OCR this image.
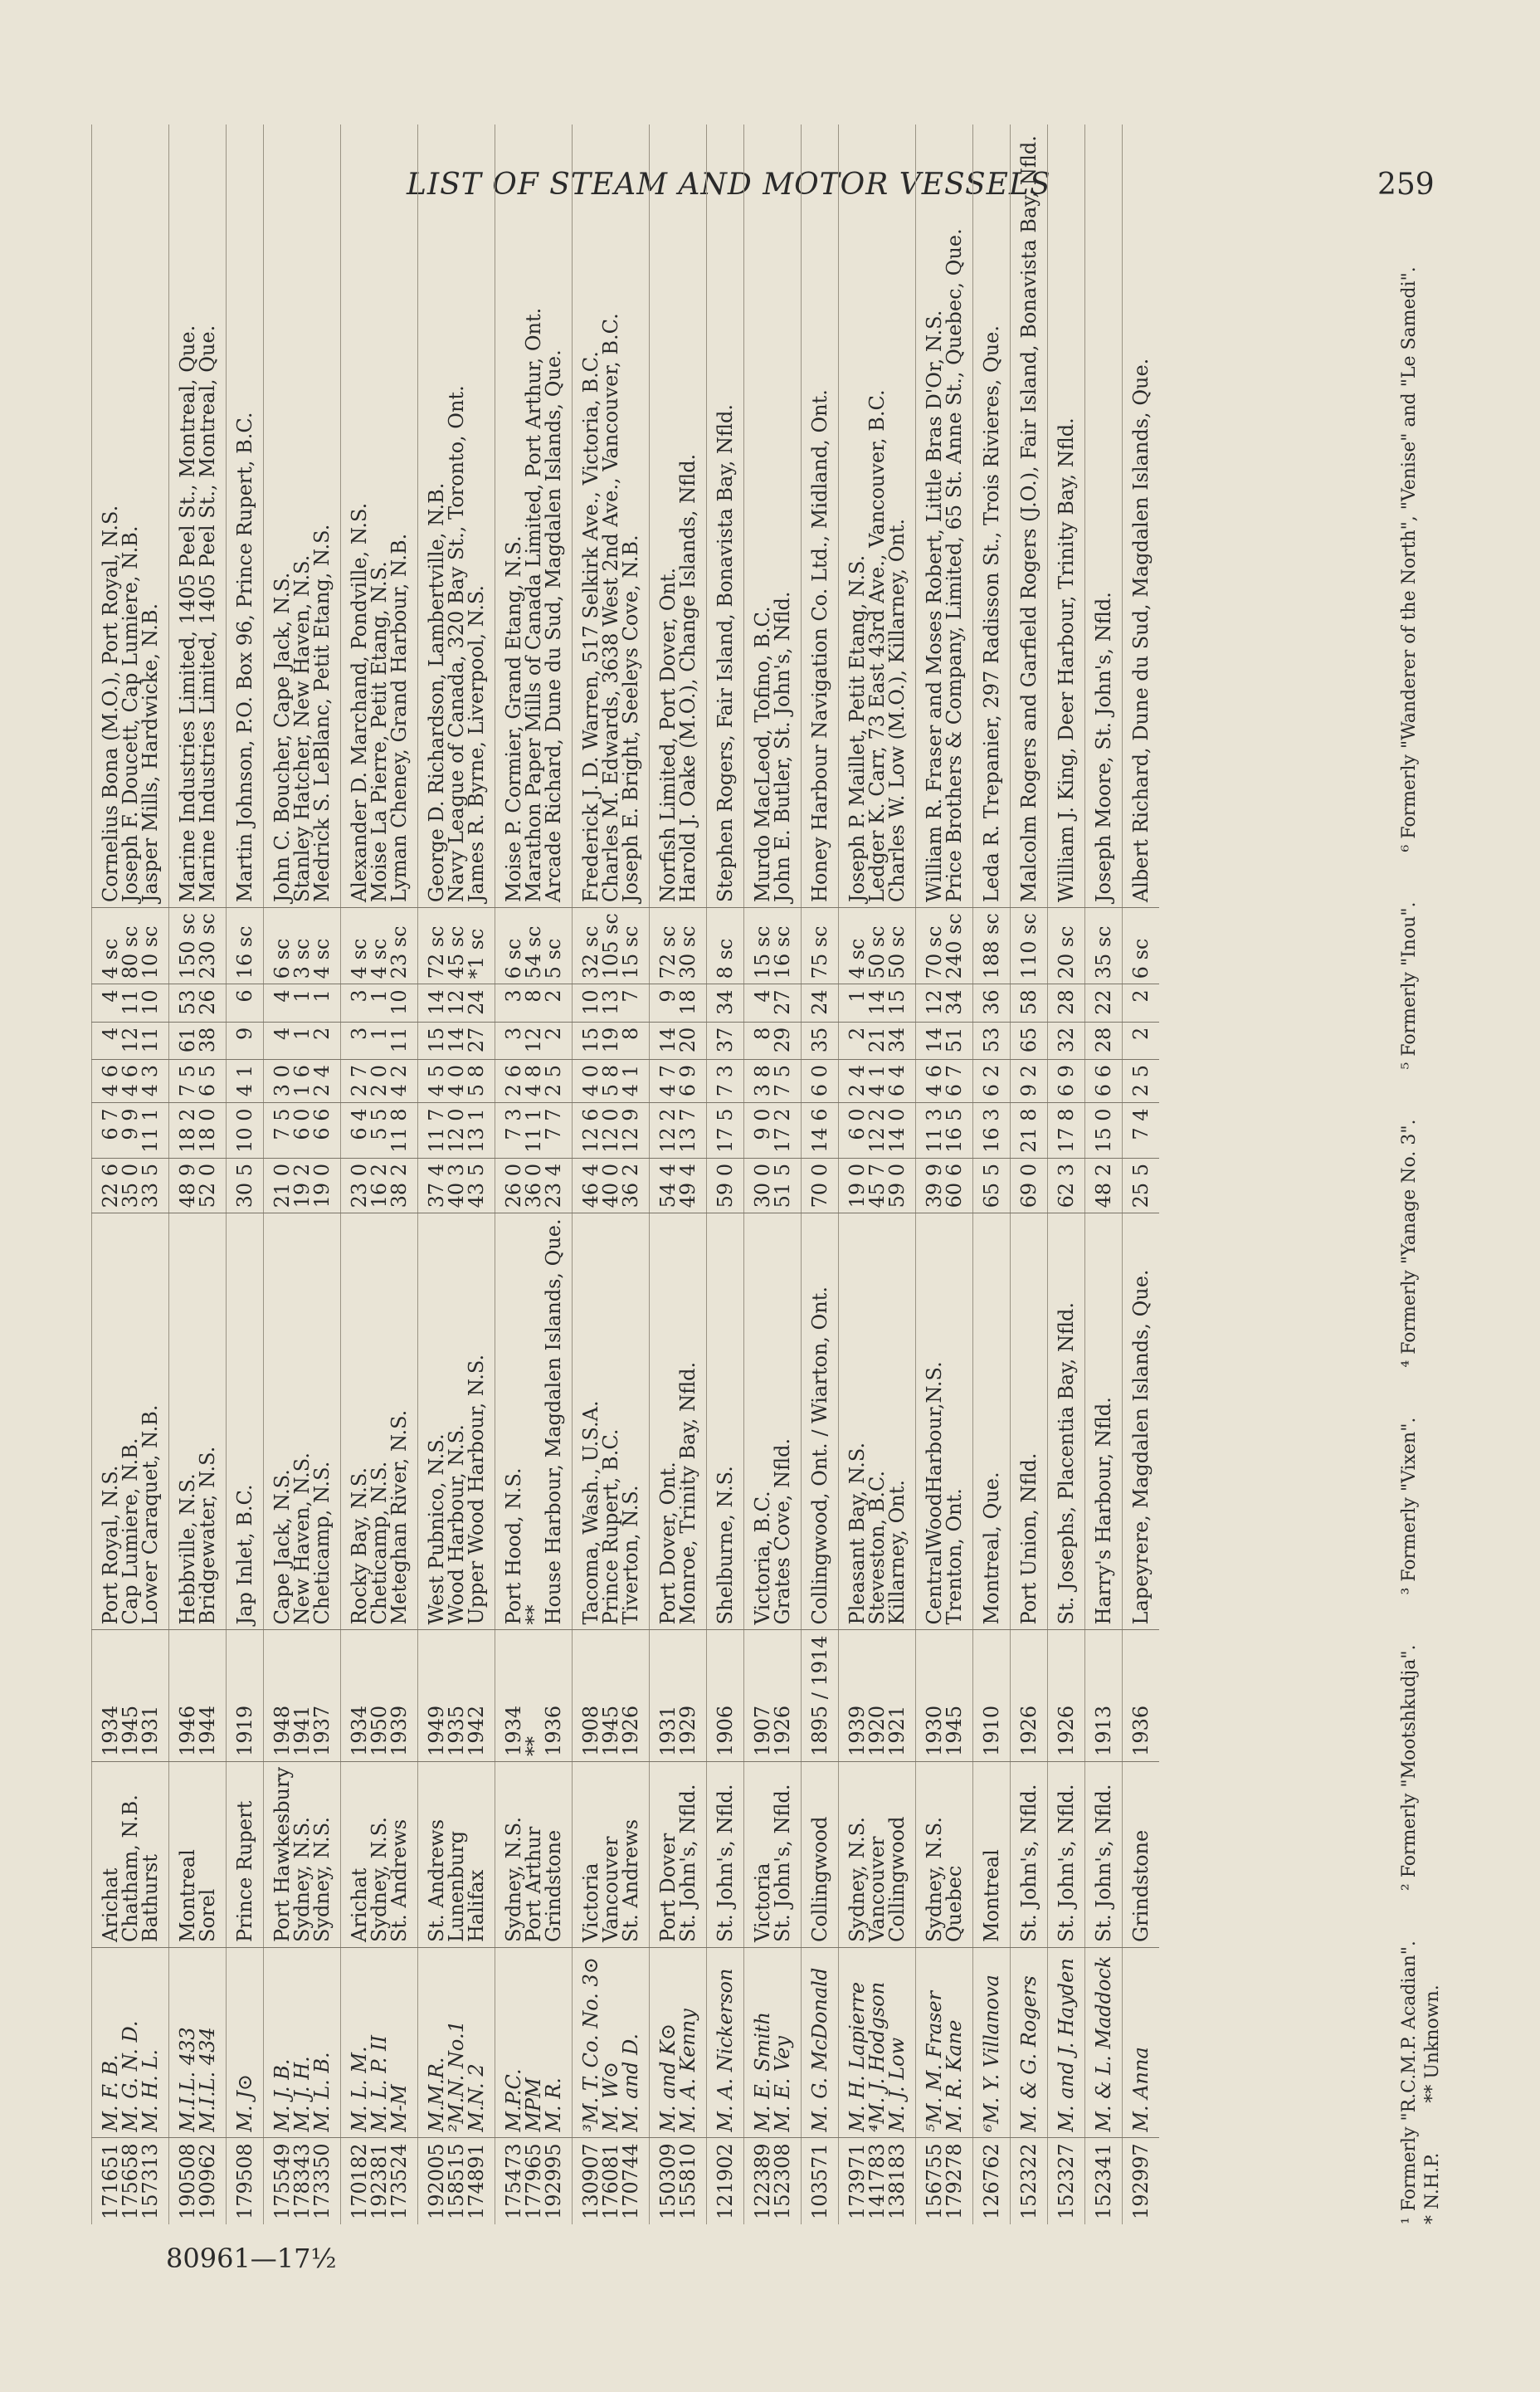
LIST OF STEAM AND MOTOR VESSELS	259
171651	M. F. B.	Arichat	1934	Port Royal, N.S.	22 6	6 7	4 6	4	4	4 sc	Cornelius Bona (M.O.), Port Royal, N.S.
175658	M. G. N. D.	Chatham, N.B.	1945	Cap Lumiere, N.B.	35 0	9 9	4 6	12	11	80 sc	Joseph F. Doucett, Cap Lumiere, N.B.
157313	M. H. L.	Bathurst	1931	Lower Caraquet, N.B.	33 5	11 1	4 3	11	10	10 sc	Jasper Mills, Hardwicke, N.B.
190508	M.I.L. 433	Montreal	1946	Hebbville, N.S.	48 9	18 2	7 5	61	53	150 sc	Marine Industries Limited, 1405 Peel St., Montreal, Que.
190962	M.I.L. 434	Sorel	1944	Bridgewater, N.S.	52 0	18 0	6 5	38	26	230 sc	Marine Industries Limited, 1405 Peel St., Montreal, Que.
179508	M. J⊙	Prince Rupert	1919	Jap Inlet, B.C.	30 5	10 0	4 1	9	6	16 sc	Martin Johnson, P.O. Box 96, Prince Rupert, B.C.
175549	M. J. B.	Port Hawkesbury	1948	Cape Jack, N.S.	21 0	7 5	3 0	4	4	6 sc	John C. Boucher, Cape Jack, N.S.
178343	M. J. H.	Sydney, N.S.	1941	New Haven, N.S.	19 2	6 0	1 6	1	1	3 sc	Stanley Hatcher, New Haven, N.S.
173350	M. L. B.	Sydney, N.S.	1937	Cheticamp, N.S.	19 0	6 6	2 4	2	1	4 sc	Medrick S. LeBlanc, Petit Etang, N.S.
170182	M. L. M.	Arichat	1934	Rocky Bay, N.S.	23 0	6 4	2 7	3	3	4 sc	Alexander D. Marchand, Pondville, N.S.
192381	M. L. P. II	Sydney, N.S.	1950	Cheticamp, N.S.	16 2	5 5	2 0	1	1	4 sc	Moise La Pierre, Petit Etang, N.S.
173524	M-M	St. Andrews	1939	Meteghan River, N.S.	38 2	11 8	4 2	11	10	23 sc	Lyman Cheney, Grand Harbour, N.B.
192005	M.M.R.	St. Andrews	1949	West Pubnico, N.S.	37 4	11 7	4 5	15	14	72 sc	George D. Richardson, Lambertville, N.B.
158515	²M.N. No.1	Lunenburg	1935	Wood Harbour, N.S.	40 3	12 0	4 0	14	12	45 sc	Navy League of Canada, 320 Bay St., Toronto, Ont.
174891	M.N. 2	Halifax	1942	Upper Wood Harbour, N.S.	43 5	13 1	5 8	27	24	*1 sc	James R. Byrne, Liverpool, N.S.
175473	M.P.C.	Sydney, N.S.	1934	Port Hood, N.S.	26 0	7 3	2 6	3	3	6 sc	Moise P. Cormier, Grand Etang, N.S.
177965	MPM	Port Arthur	**	**	36 0	11 1	4 8	12	8	54 sc	Marathon Paper Mills of Canada Limited, Port Arthur, Ont.
192995	M. R.	Grindstone	1936	House Harbour, Magdalen Islands, Que.	23 4	7 7	2 5	2	2	5 sc	Arcade Richard, Dune du Sud, Magdalen Islands, Que.
130907	³M. T. Co. No. 3⊙	Victoria	1908	Tacoma, Wash., U.S.A.	46 4	12 6	4 0	15	10	32 sc	Frederick J. D. Warren, 517 Selkirk Ave., Victoria, B.C.
176081	M. W⊙	Vancouver	1945	Prince Rupert, B.C.	40 0	12 0	5 8	19	13	105 sc	Charles M. Edwards, 3638 West 2nd Ave., Vancouver, B.C.
170744	M. and D.	St. Andrews	1926	Tiverton, N.S.	36 2	12 9	4 1	8	7	15 sc	Joseph E. Bright, Seeleys Cove, N.B.
150309	M. and K⊙	Port Dover	1931	Port Dover, Ont.	54 4	12 2	4 7	14	9	72 sc	Norfish Limited, Port Dover, Ont.
155810	M. A. Kenny	St. John's, Nfld.	1929	Monroe, Trinity Bay, Nfld.	49 4	13 7	6 9	20	18	30 sc	Harold J. Oake (M.O.), Change Islands, Nfld.
121902	M. A. Nickerson	St. John's, Nfld.	1906	Shelburne, N.S.	59 0	17 5	7 3	37	34	8 sc	Stephen Rogers, Fair Island, Bonavista Bay, Nfld.
122389	M. E. Smith	Victoria	1907	Victoria, B.C.	30 0	9 0	3 8	8	4	15 sc	Murdo MacLeod, Tofino, B.C.
152308	M. E. Vey	St. John's, Nfld.	1926	Grates Cove, Nfld.	51 5	17 2	7 5	29	27	16 sc	John E. Butler, St. John's, Nfld.
103571	M. G. McDonald	Collingwood	1895 / 1914	Collingwood, Ont. / Wiarton, Ont.	70 0	14 6	6 0	35	24	75 sc	Honey Harbour Navigation Co. Ltd., Midland, Ont.
173971	M. H. Lapierre	Sydney, N.S.	1939	Pleasant Bay, N.S.	19 0	6 0	2 4	2	1	4 sc	Joseph P. Maillet, Petit Etang, N.S.
141783	⁴M. J. Hodgson	Vancouver	1920	Steveston, B.C.	45 7	12 2	4 1	21	14	50 sc	Ledger K. Carr, 73 East 43rd Ave., Vancouver, B.C.
138183	M. J. Low	Collingwood	1921	Killarney, Ont.	59 0	14 0	6 4	34	15	50 sc	Charles W. Low (M.O.), Killarney, Ont.
156755	⁵M. M. Fraser	Sydney, N.S.	1930	CentralWoodHarbour,N.S.	39 9	11 3	4 6	14	12	70 sc	William R. Fraser and Moses Robert, Little Bras D'Or, N.S.
179278	M. R. Kane	Quebec	1945	Trenton, Ont.	60 6	16 5	6 7	51	34	240 sc	Price Brothers & Company, Limited, 65 St. Anne St., Quebec, Que.
126762	⁶M. Y. Villanova	Montreal	1910	Montreal, Que.	65 5	16 3	6 2	53	36	188 sc	Leda R. Trepanier, 297 Radisson St., Trois Rivieres, Que.
152322	M. & G. Rogers	St. John's, Nfld.	1926	Port Union, Nfld.	69 0	21 8	9 2	65	58	110 sc	Malcolm Rogers and Garfield Rogers (J.O.), Fair Island, Bonavista Bay, Nfld.
152327	M. and J. Hayden	St. John's, Nfld.	1926	St. Josephs, Placentia Bay, Nfld.	62 3	17 8	6 9	32	28	20 sc	William J. King, Deer Harbour, Trinity Bay, Nfld.
152341	M. & L. Maddock	St. John's, Nfld.	1913	Harry's Harbour, Nfld.	48 2	15 0	6 6	28	22	35 sc	Joseph Moore, St. John's, Nfld.
192997	M. Anna	Grindstone	1936	Lapeyrere, Magdalen Islands, Que.	25 5	7 4	2 5	2	2	6 sc	Albert Richard, Dune du Sud, Magdalen Islands, Que.
¹ Formerly "R.C.M.P. Acadian".² Formerly "Mootshkudja".³ Formerly "Vixen".⁴ Formerly "Yanage No. 3".⁵ Formerly "Inou".⁶ Formerly "Wanderer of the North", "Venise" and "Le Samedi".* N.H.P.** Unknown.
80961—17½
